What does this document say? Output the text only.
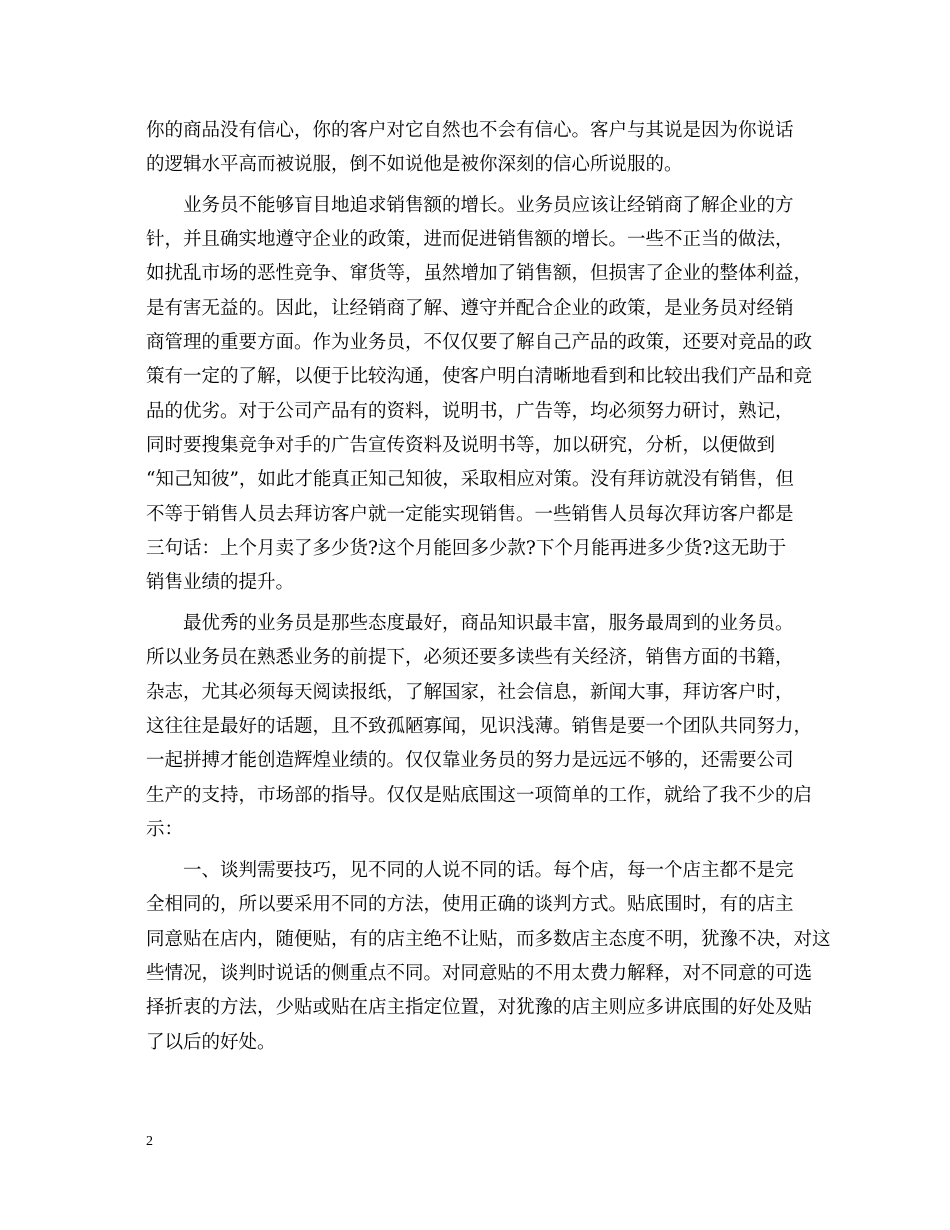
你的商品没有信心，你的客户对它自然也不会有信心。客户与其说是因为你说话
的逻辑水平高而被说服，倒不如说他是被你深刻的信心所说服的。
业务员不能够盲目地追求销售额的增长。业务员应该让经销商了解企业的方
针，并且确实地遵守企业的政策，进而促进销售额的增长。一些不正当的做法，
如扰乱市场的恶性竞争、窜货等，虽然增加了销售额，但损害了企业的整体利益，
是有害无益的。因此，让经销商了解、遵守并配合企业的政策，是业务员对经销
商管理的重要方面。作为业务员，不仅仅要了解自己产品的政策，还要对竞品的政
策有一定的了解，以便于比较沟通，使客户明白清晰地看到和比较出我们产品和竞
品的优劣。对于公司产品有的资料，说明书，广告等，均必须努力研讨，熟记，
同时要搜集竞争对手的广告宣传资料及说明书等，加以研究，分析，以便做到
“知己知彼”，如此才能真正知己知彼，采取相应对策。没有拜访就没有销售，但
不等于销售人员去拜访客户就一定能实现销售。一些销售人员每次拜访客户都是
三句话：上个月卖了多少货?这个月能回多少款?下个月能再进多少货?这无助于
销售业绩的提升。
最优秀的业务员是那些态度最好，商品知识最丰富，服务最周到的业务员。
所以业务员在熟悉业务的前提下，必须还要多读些有关经济，销售方面的书籍，
杂志，尤其必须每天阅读报纸，了解国家，社会信息，新闻大事，拜访客户时，
这往往是最好的话题，且不致孤陋寡闻，见识浅薄。销售是要一个团队共同努力，
一起拼搏才能创造辉煌业绩的。仅仅靠业务员的努力是远远不够的，还需要公司
生产的支持，市场部的指导。仅仅是贴底围这一项简单的工作，就给了我不少的启
示：
一、谈判需要技巧，见不同的人说不同的话。每个店，每一个店主都不是完
全相同的，所以要采用不同的方法，使用正确的谈判方式。贴底围时，有的店主
同意贴在店内，随便贴，有的店主绝不让贴，而多数店主态度不明，犹豫不决，对这
些情况，谈判时说话的侧重点不同。对同意贴的不用太费力解释，对不同意的可选
择折衷的方法，少贴或贴在店主指定位置，对犹豫的店主则应多讲底围的好处及贴
了以后的好处。
2
